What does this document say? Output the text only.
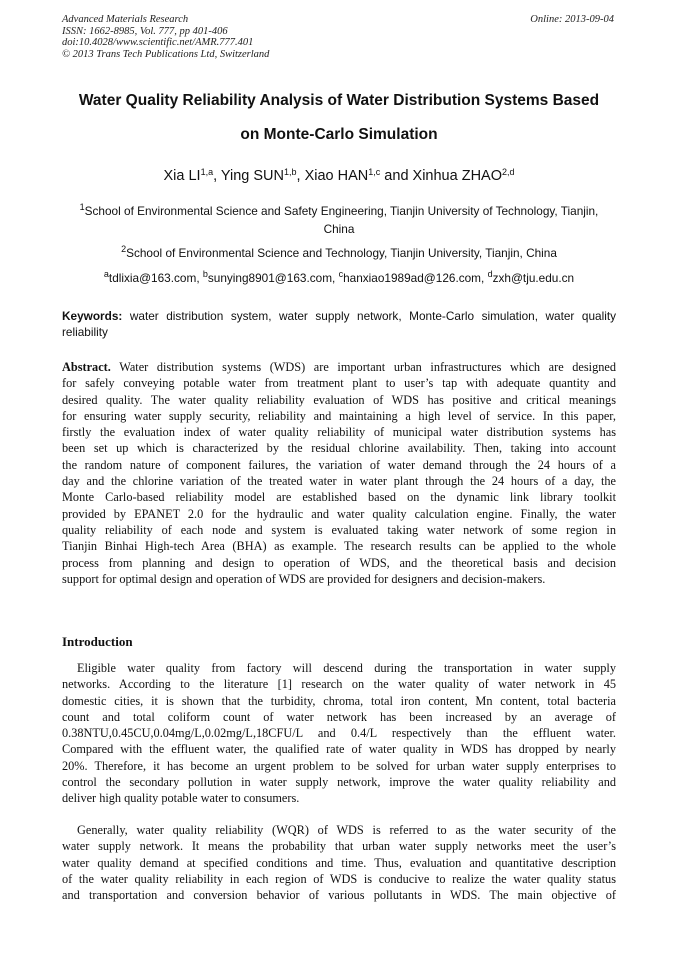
Advanced Materials Research
ISSN: 1662-8985, Vol. 777, pp 401-406
doi:10.4028/www.scientific.net/AMR.777.401
© 2013 Trans Tech Publications Ltd, Switzerland
Online: 2013-09-04
Water Quality Reliability Analysis of Water Distribution Systems Based
on Monte-Carlo Simulation
Xia LI$^{1,a}$, Ying SUN$^{1,b}$, Xiao HAN$^{1,c}$ and Xinhua ZHAO$^{2,d}$
$^1$School of Environmental Science and Safety Engineering, Tianjin University of Technology, Tianjin,
China
$^2$School of Environmental Science and Technology, Tianjin University, Tianjin, China
$^a$tdlixia@163.com, $^b$sunying8901@163.com, $^c$hanxiao1989ad@126.com, $^d$zxh@tju.edu.cn
Keywords: water distribution system, water supply network, Monte-Carlo simulation, water quality reliability
Abstract. Water distribution systems (WDS) are important urban infrastructures which are designed
for safely conveying potable water from treatment plant to user’s tap with adequate quantity and
desired quality. The water quality reliability evaluation of WDS has positive and critical meanings
for ensuring water supply security, reliability and maintaining a high level of service. In this paper,
firstly the evaluation index of water quality reliability of municipal water distribution systems has
been set up which is characterized by the residual chlorine availability. Then, taking into account
the random nature of component failures, the variation of water demand through the 24 hours of a
day and the chlorine variation of the treated water in water plant through the 24 hours of a day, the
Monte Carlo-based reliability model are established based on the dynamic link library toolkit
provided by EPANET 2.0 for the hydraulic and water quality calculation engine. Finally, the water
quality reliability of each node and system is evaluated taking water network of some region in
Tianjin Binhai High-tech Area (BHA) as example. The research results can be applied to the whole
process from planning and design to operation of WDS, and the theoretical basis and decision
support for optimal design and operation of WDS are provided for designers and decision-makers.
Introduction
Eligible water quality from factory will descend during the transportation in water supply
networks. According to the literature [1] research on the water quality of water network in 45
domestic cities, it is shown that the turbidity, chroma, total iron content, Mn content, total bacteria
count and total coliform count of water network has been increased by an average of
0.38NTU,0.45CU,0.04mg/L,0.02mg/L,18CFU/L and 0.4/L respectively than the effluent water.
Compared with the effluent water, the qualified rate of water quality in WDS has dropped by nearly
20%. Therefore, it has become an urgent problem to be solved for urban water supply enterprises to
control the secondary pollution in water supply network, improve the water quality reliability and
deliver high quality potable water to consumers.
Generally, water quality reliability (WQR) of WDS is referred to as the water security of the
water supply network. It means the probability that urban water supply networks meet the user’s
water quality demand at specified conditions and time. Thus, evaluation and quantitative description
of the water quality reliability in each region of WDS is conducive to realize the water quality status
and transportation and conversion behavior of various pollutants in WDS. The main objective of
